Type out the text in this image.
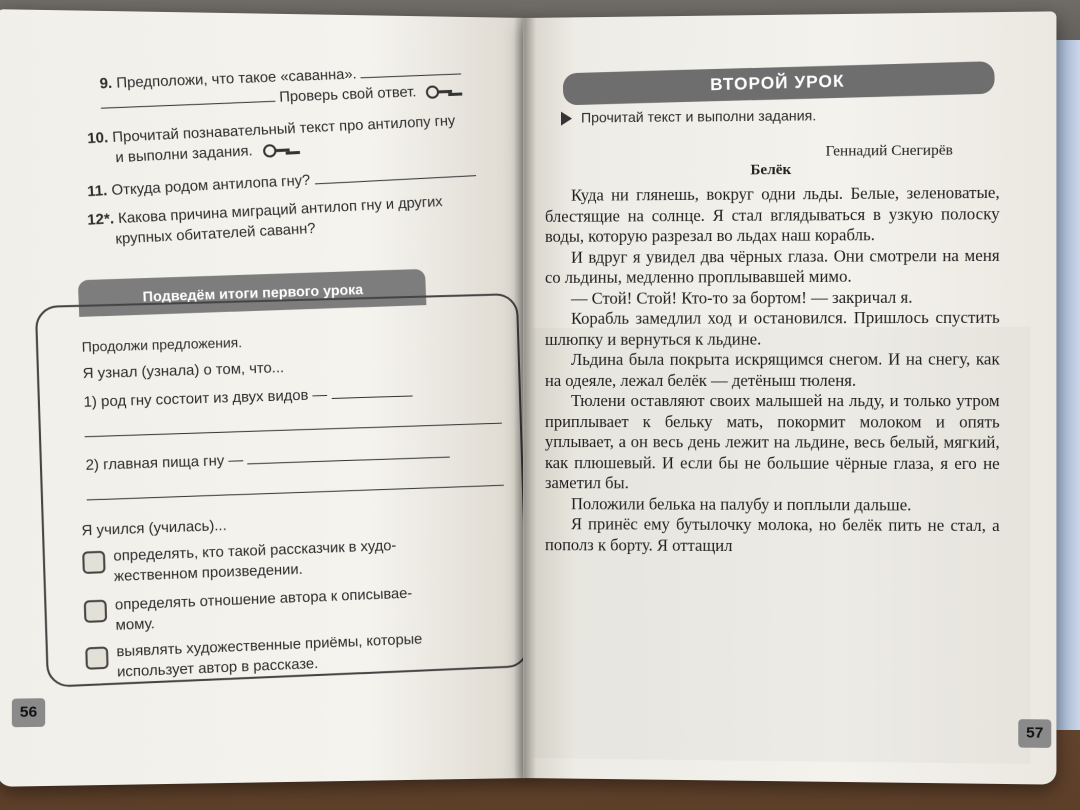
9. Предположи, что такое «саванна».
Проверь свой ответ.
10. Прочитай познавательный текст про антилопу гну
и выполни задания.
11. Откуда родом антилопа гну?
12*. Какова причина миграций антилоп гну и других
крупных обитателей саванн?
Подведём итоги первого урока
Продолжи предложения.
Я узнал (узнала) о том, что...
1) род гну состоит из двух видов —
2) главная пища гну —
Я учился (училась)...
определять, кто такой рассказчик в худо-
жественном произведении.
определять отношение автора к описывае-
мому.
выявлять художественные приёмы, которые
использует автор в рассказе.
56
ВТОРОЙ УРОК
Прочитай текст и выполни задания.
Геннадий Снегирёв
Белёк

Куда ни глянешь, вокруг одни льды. Белые, зеленоватые, блестящие на солнце. Я стал вглядываться в узкую полоску воды, которую разрезал во льдах наш корабль.

И вдруг я увидел два чёрных глаза. Они смотрели на меня со льдины, медленно проплывавшей мимо.

— Стой! Стой! Кто-то за бортом! — закричал я.

Корабль замедлил ход и остановился. Пришлось спустить шлюпку и вернуться к льдине.

Льдина была покрыта искрящимся снегом. И на снегу, как на одеяле, лежал белёк — детёныш тюленя.

Тюлени оставляют своих малышей на льду, и только утром приплывает к бельку мать, покормит молоком и опять уплывает, а он весь день лежит на льдине, весь белый, мягкий, как плюшевый. И если бы не большие чёрные глаза, я его не заметил бы.

Положили белька на палубу и поплыли дальше.

Я принёс ему бутылочку молока, но белёк пить не стал, а пополз к борту. Я оттащил

57
